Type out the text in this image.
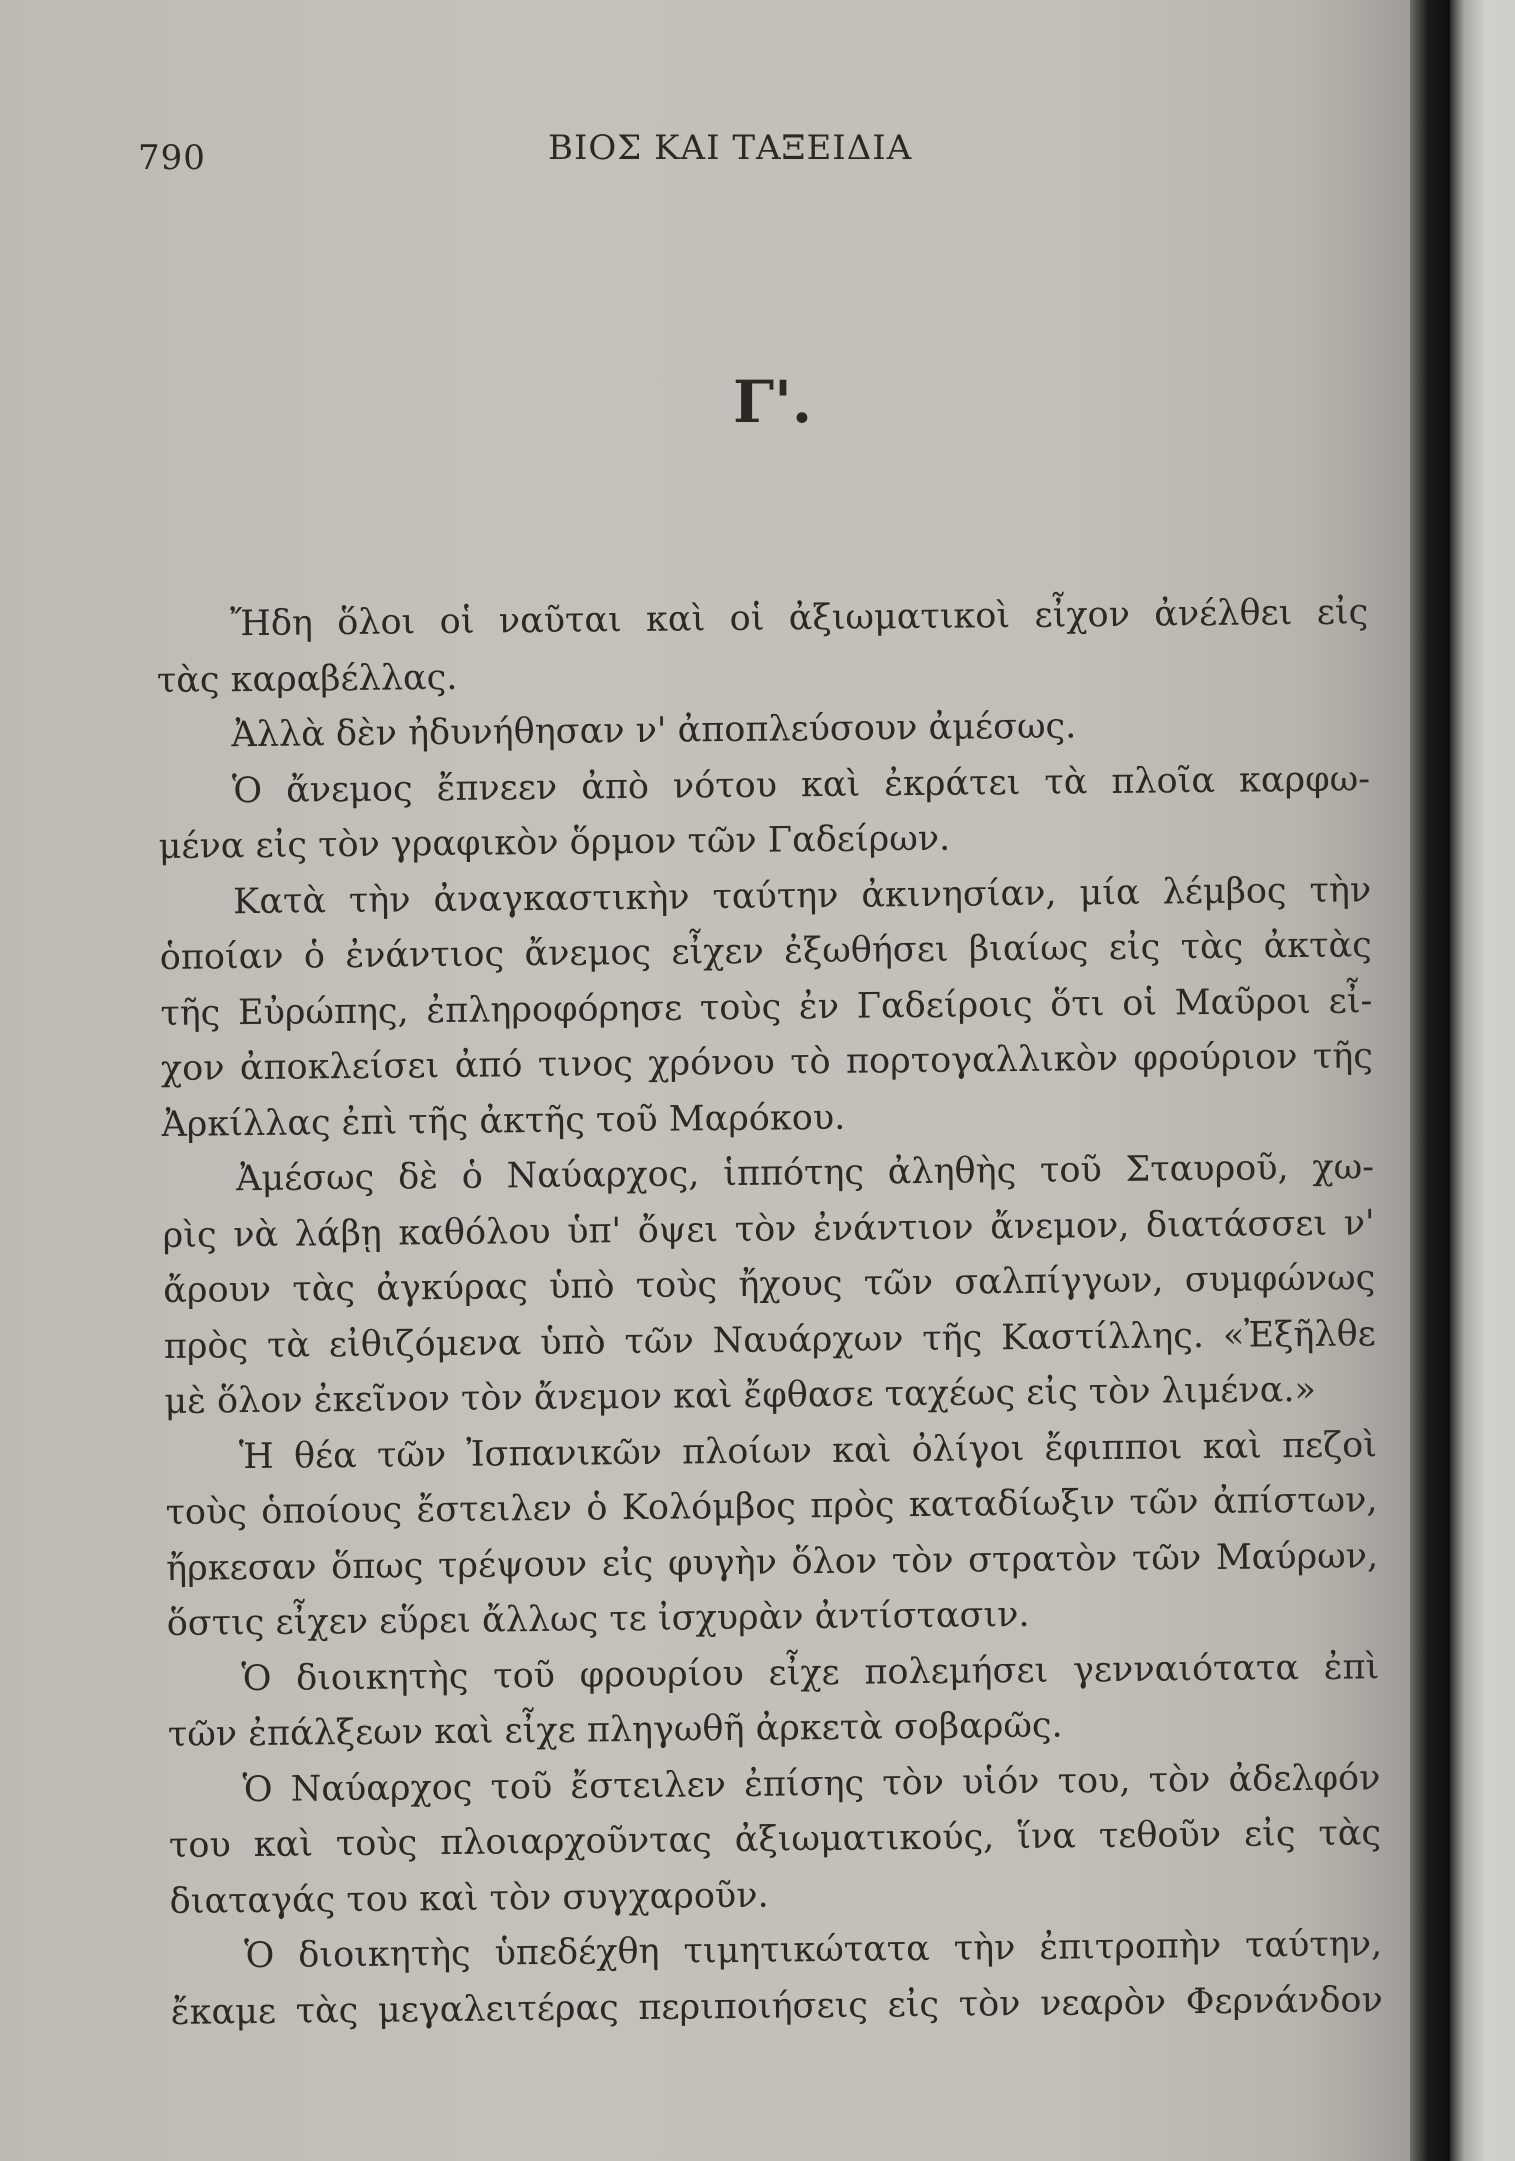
790	ΒΙΟΣ ΚΑΙ ΤΑΞΕΙΔΙΑ
Γ'.
Ἤδη ὅλοι οἱ ναῦται καὶ οἱ ἀξιωματικοὶ εἶχον ἀνέλθει εἰς
τὰς καραβέλλας.
Ἀλλὰ δὲν ἠδυνήθησαν ν' ἀποπλεύσουν ἀμέσως.
Ὁ ἄνεμος ἔπνεεν ἀπὸ νότου καὶ ἐκράτει τὰ πλοῖα καρφω-
μένα εἰς τὸν γραφικὸν ὅρμον τῶν Γαδείρων.
Κατὰ τὴν ἀναγκαστικὴν ταύτην ἀκινησίαν, μία λέμβος τὴν
ὁποίαν ὁ ἐνάντιος ἄνεμος εἶχεν ἐξωθήσει βιαίως εἰς τὰς ἀκτὰς
τῆς Εὐρώπης, ἐπληροφόρησε τοὺς ἐν Γαδείροις ὅτι οἱ Μαῦροι εἶ-
χον ἀποκλείσει ἀπό τινος χρόνου τὸ πορτογαλλικὸν φρούριον τῆς
Ἀρκίλλας ἐπὶ τῆς ἀκτῆς τοῦ Μαρόκου.
Ἀμέσως δὲ ὁ Ναύαρχος, ἱππότης ἀληθὴς τοῦ Σταυροῦ, χω-
ρὶς νὰ λάβῃ καθόλου ὑπ' ὄψει τὸν ἐνάντιον ἄνεμον, διατάσσει ν'
ἄρουν τὰς ἀγκύρας ὑπὸ τοὺς ἤχους τῶν σαλπίγγων, συμφώνως
πρὸς τὰ εἰθιζόμενα ὑπὸ τῶν Ναυάρχων τῆς Καστίλλης. «Ἐξῆλθε
μὲ ὅλον ἐκεῖνον τὸν ἄνεμον καὶ ἔφθασε ταχέως εἰς τὸν λιμένα.»
Ἡ θέα τῶν Ἰσπανικῶν πλοίων καὶ ὀλίγοι ἔφιπποι καὶ πεζοὶ
τοὺς ὁποίους ἔστειλεν ὁ Κολόμβος πρὸς καταδίωξιν τῶν ἀπίστων,
ἤρκεσαν ὅπως τρέψουν εἰς φυγὴν ὅλον τὸν στρατὸν τῶν Μαύρων,
ὅστις εἶχεν εὕρει ἄλλως τε ἰσχυρὰν ἀντίστασιν.
Ὁ διοικητὴς τοῦ φρουρίου εἶχε πολεμήσει γενναιότατα ἐπὶ
τῶν ἐπάλξεων καὶ εἶχε πληγωθῆ ἀρκετὰ σοβαρῶς.
Ὁ Ναύαρχος τοῦ ἔστειλεν ἐπίσης τὸν υἱόν του, τὸν ἀδελφόν
του καὶ τοὺς πλοιαρχοῦντας ἀξιωματικούς, ἵνα τεθοῦν εἰς τὰς
διαταγάς του καὶ τὸν συγχαροῦν.
Ὁ διοικητὴς ὑπεδέχθη τιμητικώτατα τὴν ἐπιτροπὴν ταύτην,
ἔκαμε τὰς μεγαλειτέρας περιποιήσεις εἰς τὸν νεαρὸν Φερνάνδον
